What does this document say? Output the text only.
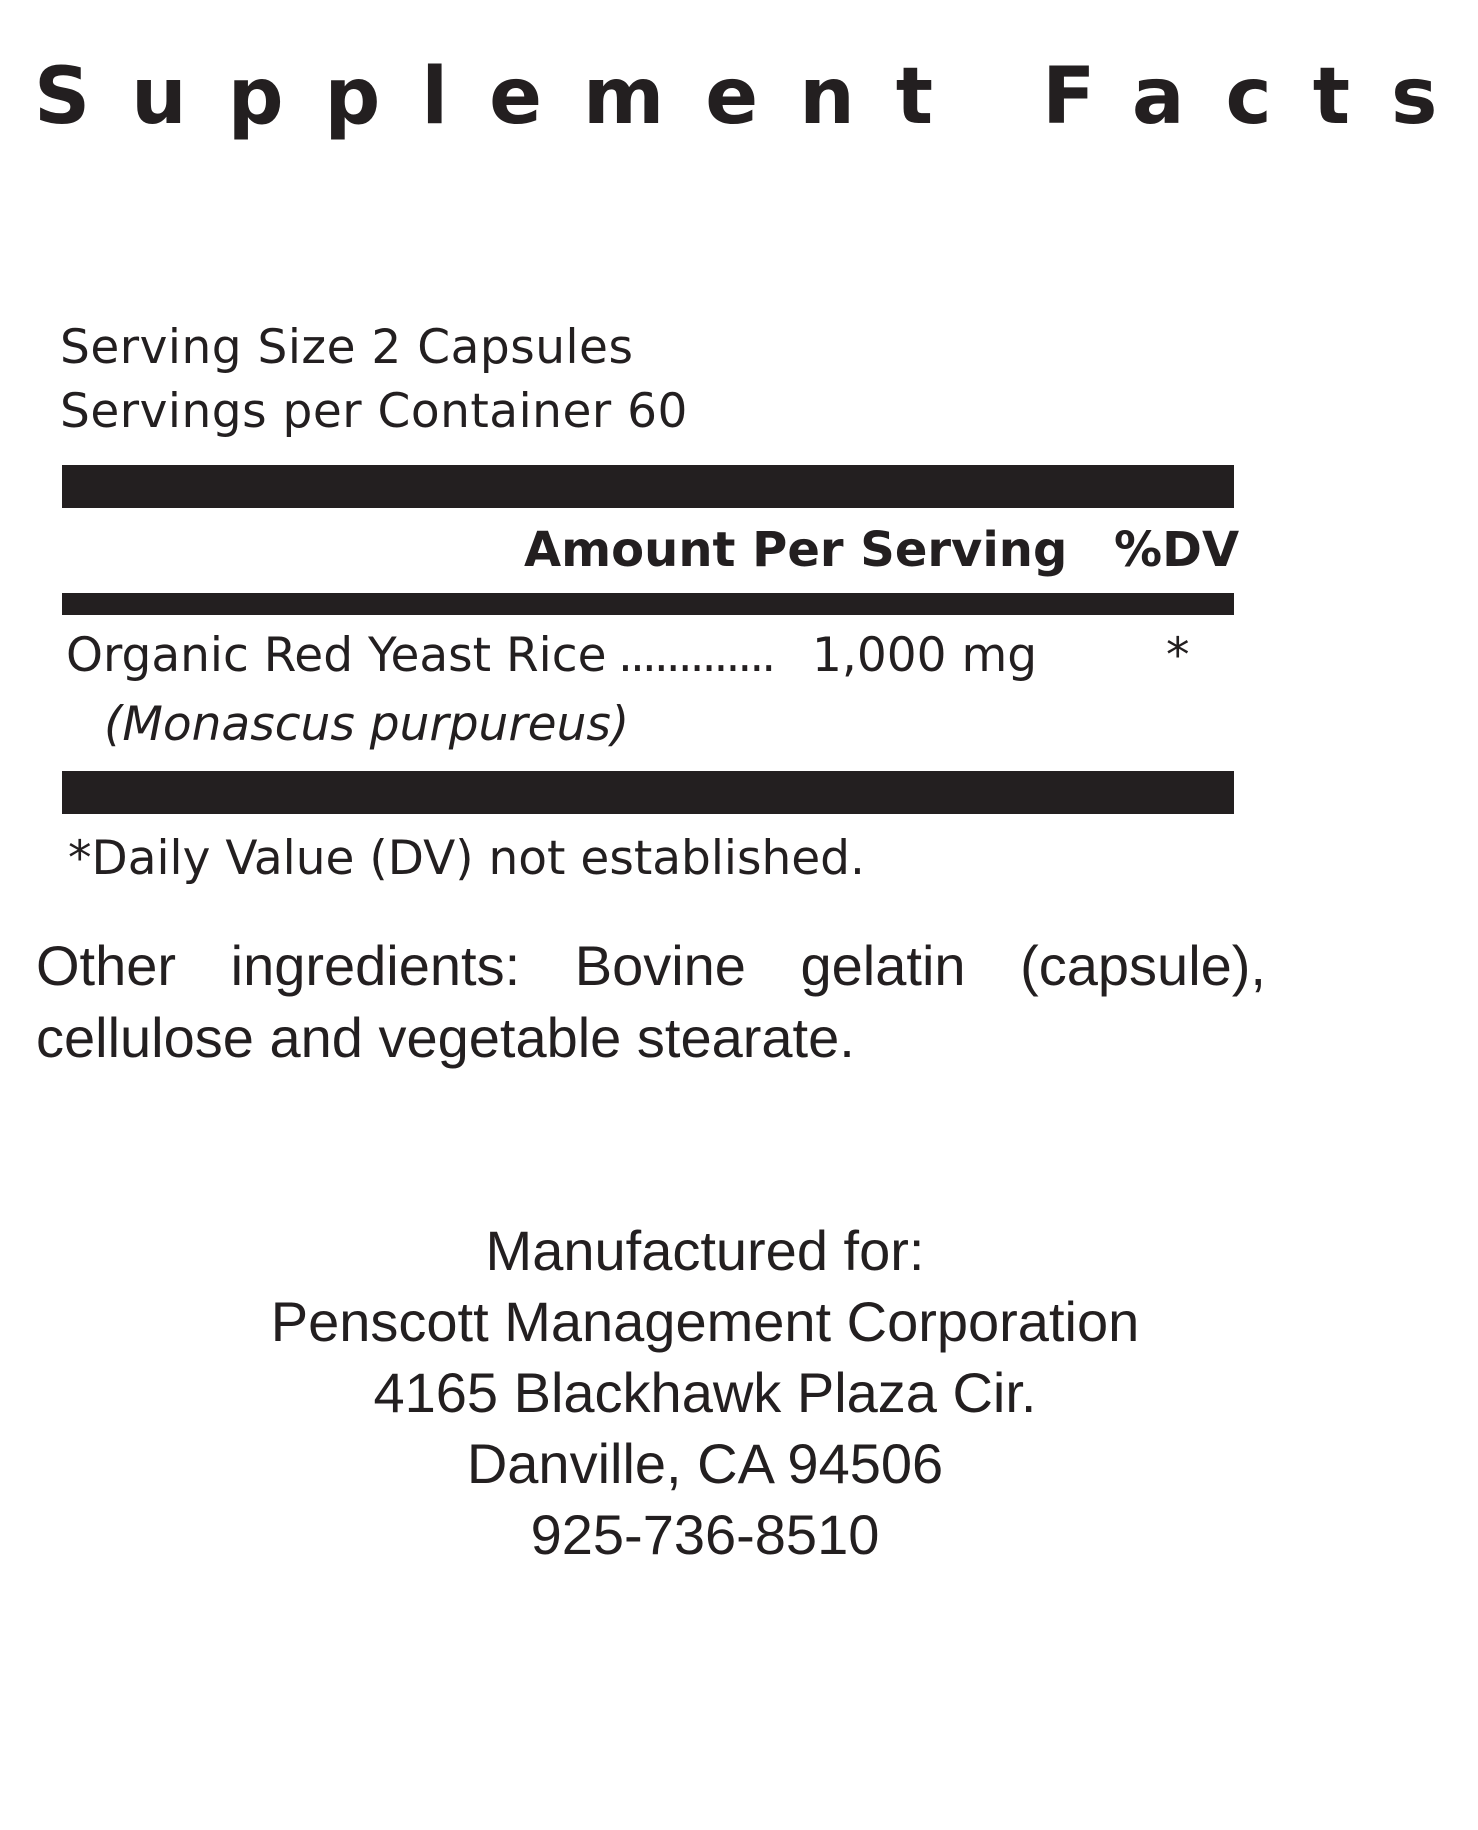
Supplement Facts
Serving Size 2 Capsules
Servings per Container 60
Amount Per Serving %DV
Organic Red Yeast Rice ............. 1,000 mg	*
(Monascus purpureus)
*Daily Value (DV) not established.
Other ingredients: Bovine gelatin (capsule), cellulose and vegetable stearate.
Manufactured for:
Penscott Management Corporation
4165 Blackhawk Plaza Cir.
Danville, CA 94506
925-736-8510
